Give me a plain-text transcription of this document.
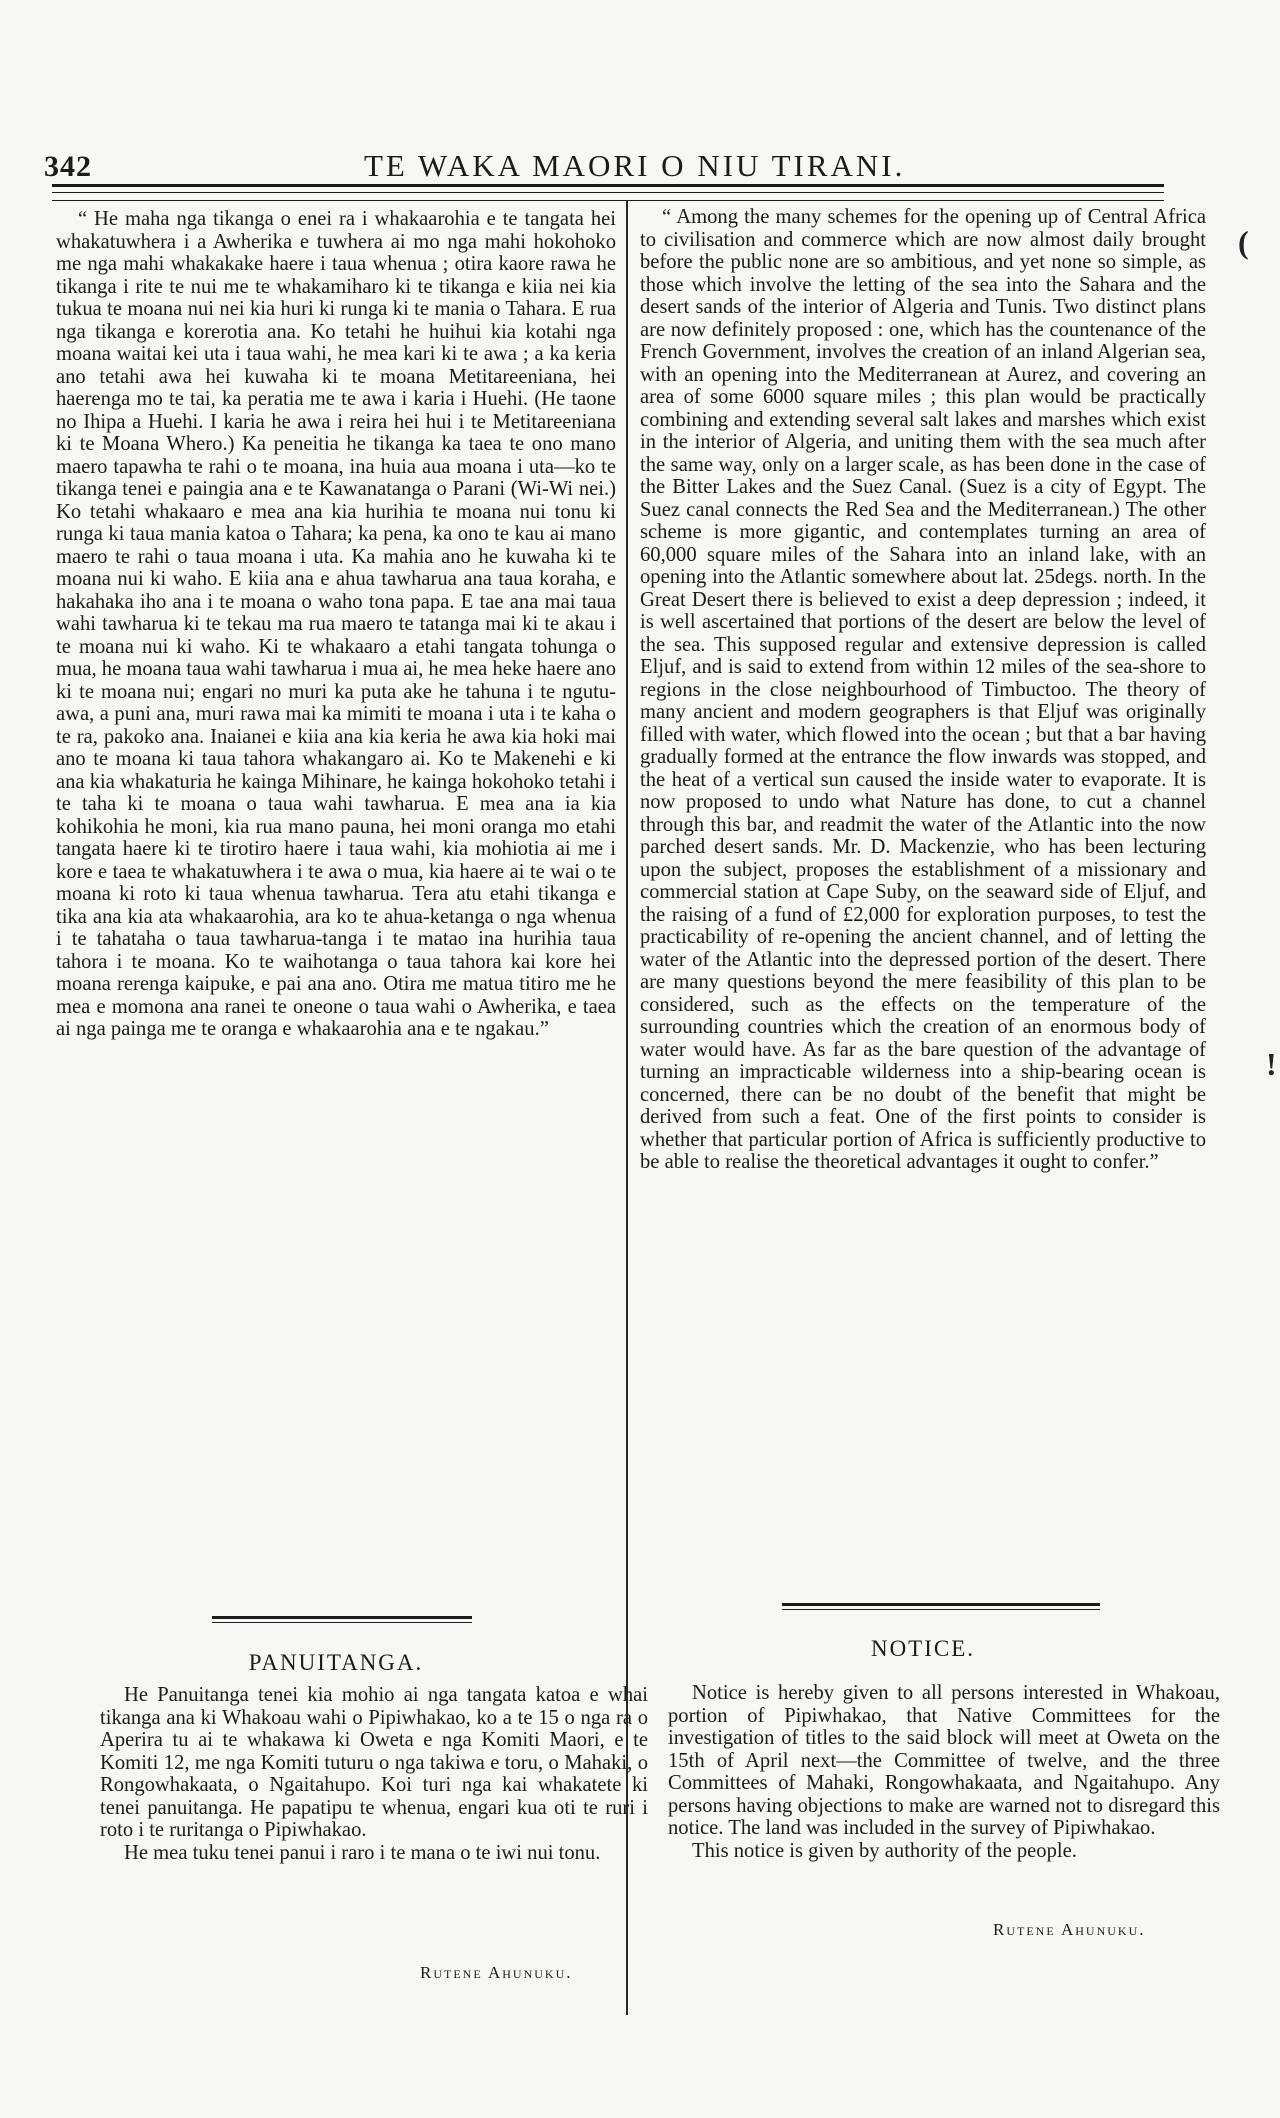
342	TE WAKA MAORI O NIU TIRANI.

“ He maha nga tikanga o enei ra i whakaarohia e te tangata hei whakatuwhera i a Awherika e tuwhera ai mo nga mahi hokohoko me nga mahi whakakake haere i taua whenua ; otira kaore rawa he tikanga i rite te nui me te whakamiharo ki te tikanga e kiia nei kia tukua te moana nui nei kia huri ki runga ki te mania o Tahara. E rua nga tikanga e korerotia ana. Ko tetahi he huihui kia kotahi nga moana waitai kei uta i taua wahi, he mea kari ki te awa ; a ka keria ano tetahi awa hei kuwaha ki te moana Metitareeniana, hei haerenga mo te tai, ka peratia me te awa i karia i Huehi. (He taone no Ihipa a Huehi. I karia he awa i reira hei hui i te Metitareeniana ki te Moana Whero.) Ka peneitia he tikanga ka taea te ono mano maero tapawha te rahi o te moana, ina huia aua moana i uta—ko te tikanga tenei e paingia ana e te Kawanatanga o Parani (Wi-Wi nei.) Ko tetahi whakaaro e mea ana kia hurihia te moana nui tonu ki runga ki taua mania katoa o Tahara; ka pena, ka ono te kau ai mano maero te rahi o taua moana i uta. Ka mahia ano he kuwaha ki te moana nui ki waho. E kiia ana e ahua tawharua ana taua koraha, e hakahaka iho ana i te moana o waho tona papa. E tae ana mai taua wahi tawharua ki te tekau ma rua maero te tatanga mai ki te akau i te moana nui ki waho. Ki te whakaaro a etahi tangata tohunga o mua, he moana taua wahi tawharua i mua ai, he mea heke haere ano ki te moana nui; engari no muri ka puta ake he tahuna i te ngutu-awa, a puni ana, muri rawa mai ka mimiti te moana i uta i te kaha o te ra, pakoko ana. Inaianei e kiia ana kia keria he awa kia hoki mai ano te moana ki taua tahora whakangaro ai. Ko te Makenehi e ki ana kia whakaturia he kainga Mihinare, he kainga hokohoko tetahi i te taha ki te moana o taua wahi tawharua. E mea ana ia kia kohikohia he moni, kia rua mano pauna, hei moni oranga mo etahi tangata haere ki te tirotiro haere i taua wahi, kia mohiotia ai me i kore e taea te whakatuwhera i te awa o mua, kia haere ai te wai o te moana ki roto ki taua whenua tawharua. Tera atu etahi tikanga e tika ana kia ata whakaarohia, ara ko te ahua-ketanga o nga whenua i te tahataha o taua tawharua-tanga i te matao ina hurihia taua tahora i te moana. Ko te waihotanga o taua tahora kai kore hei moana rerenga kaipuke, e pai ana ano. Otira me matua titiro me he mea e momona ana ranei te oneone o taua wahi o Awherika, e taea ai nga painga me te oranga e whakaarohia ana e te ngakau.”

“ Among the many schemes for the opening up of Central Africa to civilisation and commerce which are now almost daily brought before the public none are so ambitious, and yet none so simple, as those which involve the letting of the sea into the Sahara and the desert sands of the interior of Algeria and Tunis. Two distinct plans are now definitely proposed : one, which has the countenance of the French Government, involves the creation of an inland Algerian sea, with an opening into the Mediterranean at Aurez, and covering an area of some 6000 square miles ; this plan would be practically combining and extending several salt lakes and marshes which exist in the interior of Algeria, and uniting them with the sea much after the same way, only on a larger scale, as has been done in the case of the Bitter Lakes and the Suez Canal. (Suez is a city of Egypt. The Suez canal connects the Red Sea and the Mediterranean.) The other scheme is more gigantic, and contemplates turning an area of 60,000 square miles of the Sahara into an inland lake, with an opening into the Atlantic somewhere about lat. 25degs. north. In the Great Desert there is believed to exist a deep depression ; indeed, it is well ascertained that portions of the desert are below the level of the sea. This supposed regular and extensive depression is called Eljuf, and is said to extend from within 12 miles of the sea-shore to regions in the close neighbourhood of Timbuctoo. The theory of many ancient and modern geographers is that Eljuf was originally filled with water, which flowed into the ocean ; but that a bar having gradually formed at the entrance the flow inwards was stopped, and the heat of a vertical sun caused the inside water to evaporate. It is now proposed to undo what Nature has done, to cut a channel through this bar, and readmit the water of the Atlantic into the now parched desert sands. Mr. D. Mackenzie, who has been lecturing upon the subject, proposes the establishment of a missionary and commercial station at Cape Suby, on the seaward side of Eljuf, and the raising of a fund of £2,000 for exploration purposes, to test the practicability of re-opening the ancient channel, and of letting the water of the Atlantic into the depressed portion of the desert. There are many questions beyond the mere feasibility of this plan to be considered, such as the effects on the temperature of the surrounding countries which the creation of an enormous body of water would have. As far as the bare question of the advantage of turning an impracticable wilderness into a ship-bearing ocean is concerned, there can be no doubt of the benefit that might be derived from such a feat. One of the first points to consider is whether that particular portion of Africa is sufficiently productive to be able to realise the theoretical advantages it ought to confer.”

PANUITANGA.

He Panuitanga tenei kia mohio ai nga tangata katoa e whai tikanga ana ki Whakoau wahi o Pipiwhakao, ko a te 15 o nga ra o Aperira tu ai te whakawa ki Oweta e nga Komiti Maori, e te Komiti 12, me nga Komiti tuturu o nga takiwa e toru, o Mahaki, o Rongowhakaata, o Ngaitahupo. Koi turi nga kai whakatete ki tenei panuitanga. He papatipu te whenua, engari kua oti te ruri i roto i te ruritanga o Pipiwhakao.

He mea tuku tenei panui i raro i te mana o te iwi nui tonu.

Rutene Ahunuku.
NOTICE.

Notice is hereby given to all persons interested in Whakoau, portion of Pipiwhakao, that Native Committees for the investigation of titles to the said block will meet at Oweta on the 15th of April next—the Committee of twelve, and the three Committees of Mahaki, Rongowhakaata, and Ngaitahupo. Any persons having objections to make are warned not to disregard this notice. The land was included in the survey of Pipiwhakao.

This notice is given by authority of the people.

Rutene Ahunuku.
(
!
